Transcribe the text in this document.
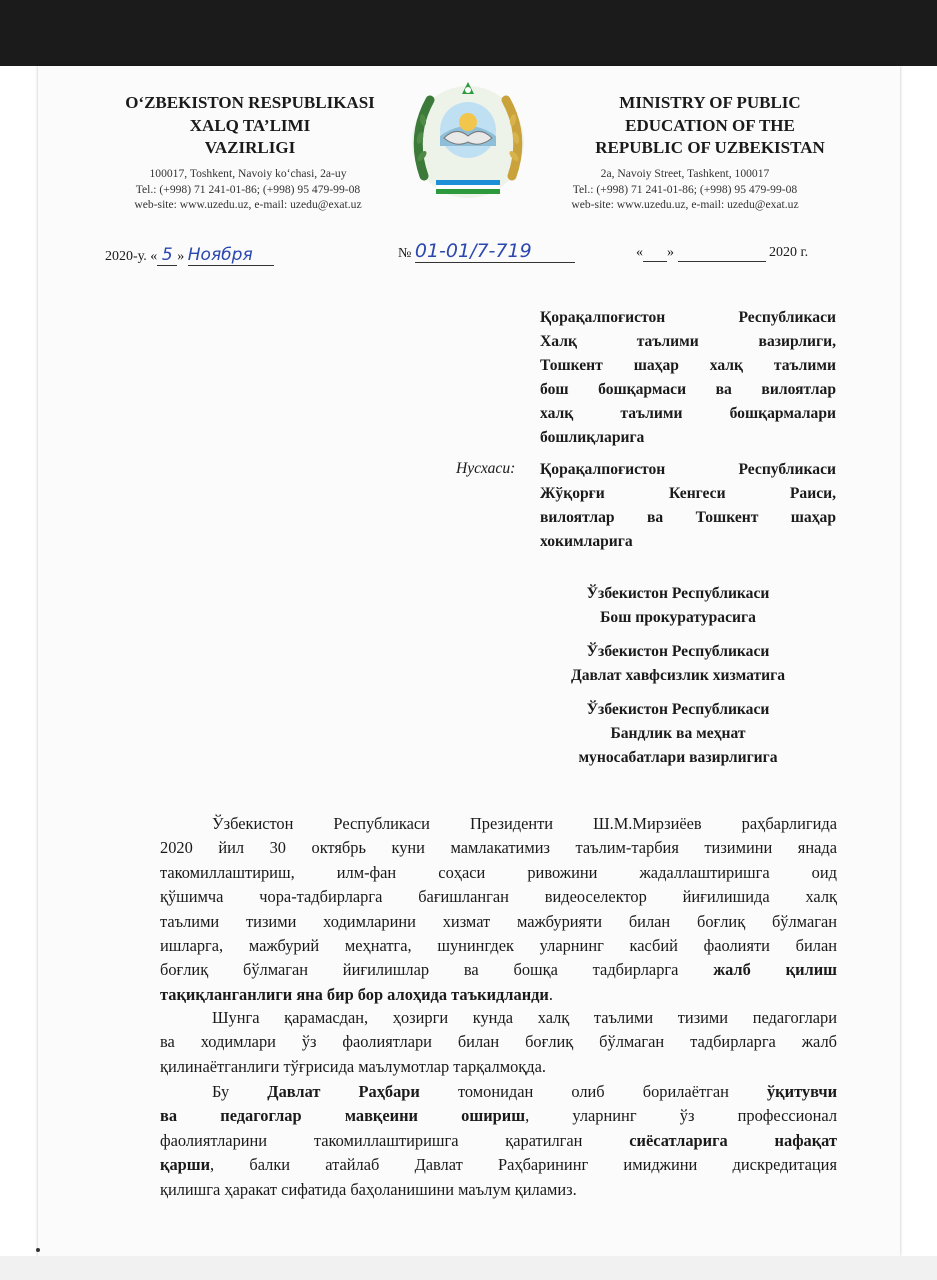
O‘ZBEKISTON RESPUBLIKASI
XALQ TA’LIMI
VAZIRLIGI
100017, Toshkent, Navoiy ko‘chasi, 2a-uy
Tel.: (+998) 71 241-01-86; (+998) 95 479-99-08
web-site: www.uzedu.uz, e-mail: uzedu@exat.uz
MINISTRY OF PUBLIC
EDUCATION OF THE
REPUBLIC OF UZBEKISTAN
2a, Navoiy Street, Tashkent, 100017
Tel.: (+998) 71 241-01-86; (+998) 95 479-99-08
web-site: www.uzedu.uz, e-mail: uzedu@exat.uz
2020-у. « 5 » Ноября	№ 01-01/7-719	« »	2020 г.
Қорақалпоғистон Республикаси
Халқ таълими вазирлиги,
Тошкент шаҳар халқ таълими
бош бошқармаси ва вилоятлар
халқ таълими бошқармалари
бошлиқларига
Нусхаси: Қорақалпоғистон Республикаси
Жўқорғи Кенгеси Раиси,
вилоятлар ва Тошкент шаҳар
хокимларига
Ўзбекистон Республикаси
Бош прокуратурасига
Ўзбекистон Республикаси
Давлат хавфсизлик хизматига
Ўзбекистон Республикаси
Бандлик ва меҳнат
муносабатлари вазирлигига
Ўзбекистон Республикаси Президенти Ш.М.Мирзиёев раҳбарлигида
2020 йил 30 октябрь куни мамлакатимиз таълим-тарбия тизимини янада
такомиллаштириш, илм-фан соҳаси ривожини жадаллаштиришга оид
қўшимча чора-тадбирларга бағишланган видеоселектор йиғилишида халқ
таълими тизими ходимларини хизмат мажбурияти билан боғлиқ бўлмаган
ишларга, мажбурий меҳнатга, шунингдек уларнинг касбий фаолияти билан
боғлиқ бўлмаган йиғилишлар ва бошқа тадбирларга жалб қилиш
тақиқланганлиги яна бир бор алоҳида таъкидланди.
Шунга қарамасдан, ҳозирги кунда халқ таълими тизими педагоглари
ва ходимлари ўз фаолиятлари билан боғлиқ бўлмаган тадбирларга жалб
қилинаётганлиги тўғрисида маълумотлар тарқалмоқда.
Бу Давлат Раҳбари томонидан олиб борилаётган ўқитувчи
ва педагоглар мавқеини ошириш, уларнинг ўз профессионал
фаолиятларини такомиллаштиришга қаратилган сиёсатларига нафақат
қарши, балки атайлаб Давлат Раҳбарининг имиджини дискредитация
қилишга ҳаракат сифатида баҳоланишини маълум қиламиз.
